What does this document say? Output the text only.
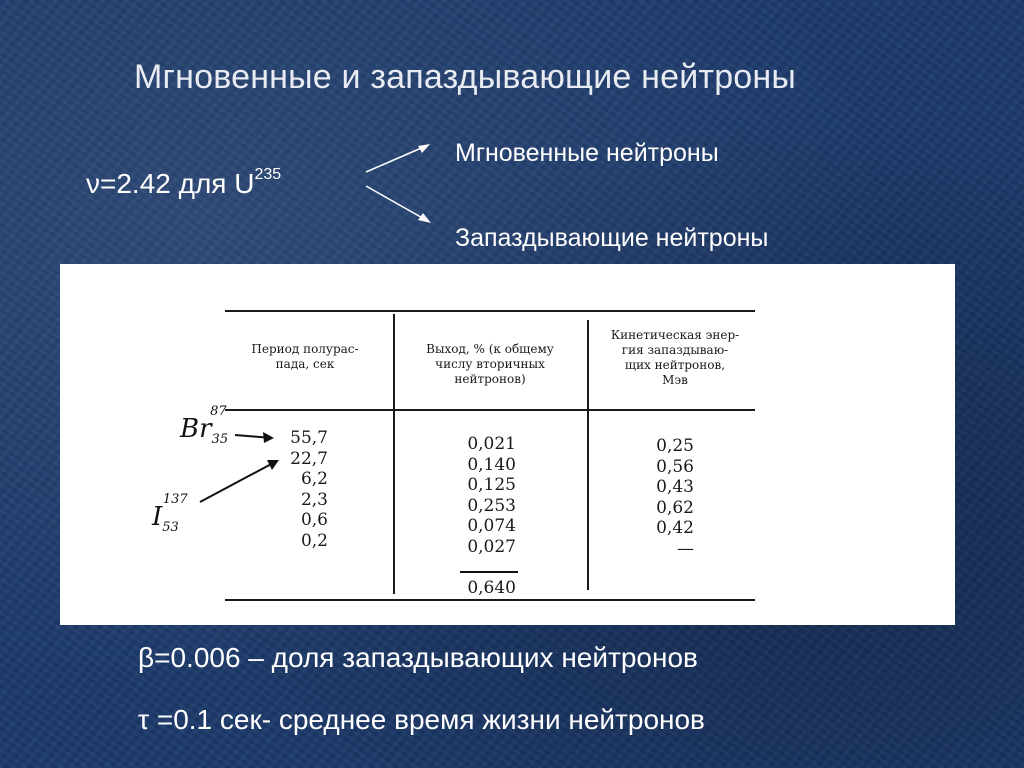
Мгновенные и запаздывающие нейтроны
ν=2.42 для $U^{235}$
Мгновенные нейтроны
Запаздывающие нейтроны
Период полурас-
пада, сек
Выход, % (к общему
числу вторичных
нейтронов)
Кинетическая энер-
гия запаздываю-
щих нейтронов,
Мэв
55,7
22,7
6,2
2,3
0,6
0,2
0,021
0,140
0,125
0,253
0,074
0,027
0,640
0,25
0,56
0,43
0,62
0,42
—
$Br_{35}^{87}$
$I_{53}^{137}$
β=0.006 – доля запаздывающих нейтронов
τ =0.1 сек- среднее время жизни нейтронов
